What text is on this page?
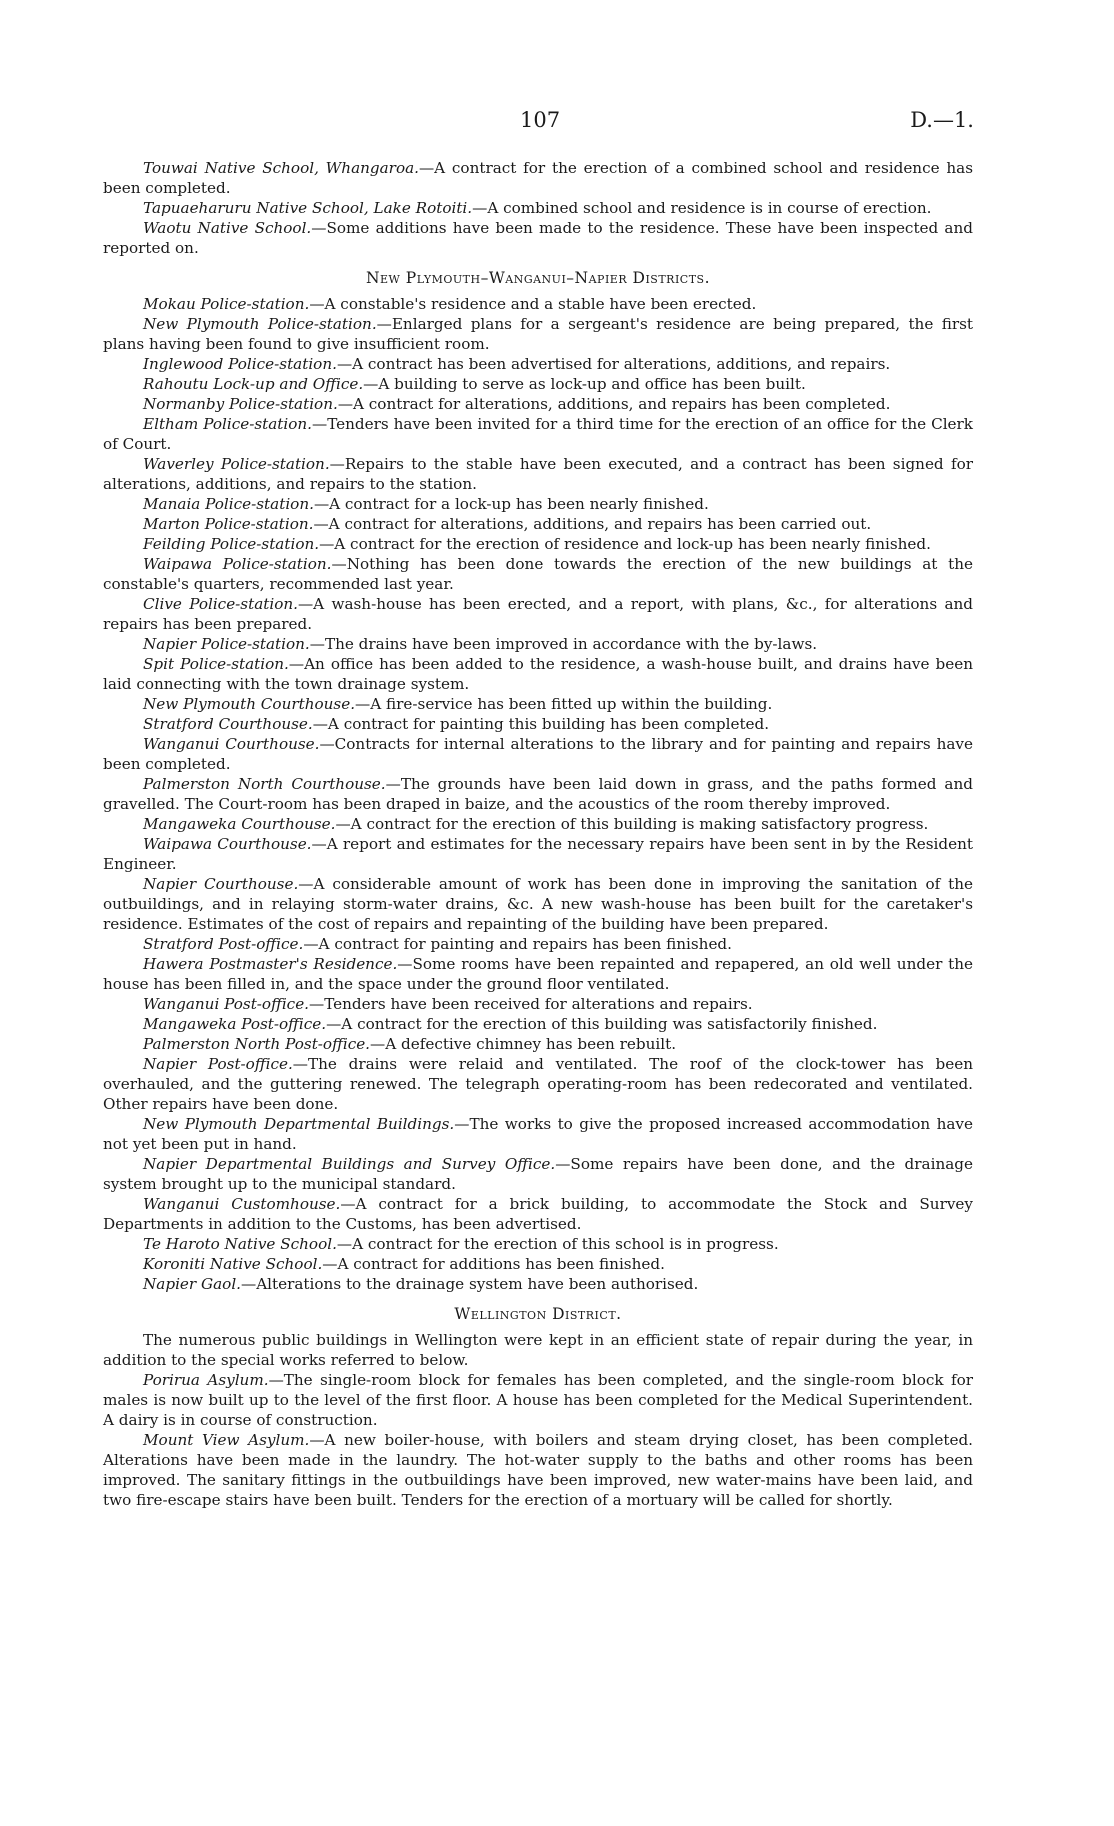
107	D.—1.

Touwai Native School, Whangaroa.—A contract for the erection of a combined school and residence has been completed.

Tapuaeharuru Native School, Lake Rotoiti.—A combined school and residence is in course of erection.

Waotu Native School.—Some additions have been made to the residence. These have been inspected and reported on.

New Plymouth–Wanganui–Napier Districts.

Mokau Police-station.—A constable's residence and a stable have been erected.

New Plymouth Police-station.—Enlarged plans for a sergeant's residence are being prepared, the first plans having been found to give insufficient room.

Inglewood Police-station.—A contract has been advertised for alterations, additions, and repairs.

Rahoutu Lock-up and Office.—A building to serve as lock-up and office has been built.

Normanby Police-station.—A contract for alterations, additions, and repairs has been completed.

Eltham Police-station.—Tenders have been invited for a third time for the erection of an office for the Clerk of Court.

Waverley Police-station.—Repairs to the stable have been executed, and a contract has been signed for alterations, additions, and repairs to the station.

Manaia Police-station.—A contract for a lock-up has been nearly finished.

Marton Police-station.—A contract for alterations, additions, and repairs has been carried out.

Feilding Police-station.—A contract for the erection of residence and lock-up has been nearly finished.

Waipawa Police-station.—Nothing has been done towards the erection of the new buildings at the constable's quarters, recommended last year.

Clive Police-station.—A wash-house has been erected, and a report, with plans, &c., for alterations and repairs has been prepared.

Napier Police-station.—The drains have been improved in accordance with the by-laws.

Spit Police-station.—An office has been added to the residence, a wash-house built, and drains have been laid connecting with the town drainage system.

New Plymouth Courthouse.—A fire-service has been fitted up within the building.

Stratford Courthouse.—A contract for painting this building has been completed.

Wanganui Courthouse.—Contracts for internal alterations to the library and for painting and repairs have been completed.

Palmerston North Courthouse.—The grounds have been laid down in grass, and the paths formed and gravelled. The Court-room has been draped in baize, and the acoustics of the room thereby improved.

Mangaweka Courthouse.—A contract for the erection of this building is making satisfactory progress.

Waipawa Courthouse.—A report and estimates for the necessary repairs have been sent in by the Resident Engineer.

Napier Courthouse.—A considerable amount of work has been done in improving the sanitation of the outbuildings, and in relaying storm-water drains, &c. A new wash-house has been built for the caretaker's residence. Estimates of the cost of repairs and repainting of the building have been prepared.

Stratford Post-office.—A contract for painting and repairs has been finished.

Hawera Postmaster's Residence.—Some rooms have been repainted and repapered, an old well under the house has been filled in, and the space under the ground floor ventilated.

Wanganui Post-office.—Tenders have been received for alterations and repairs.

Mangaweka Post-office.—A contract for the erection of this building was satisfactorily finished.

Palmerston North Post-office.—A defective chimney has been rebuilt.

Napier Post-office.—The drains were relaid and ventilated. The roof of the clock-tower has been overhauled, and the guttering renewed. The telegraph operating-room has been redecorated and ventilated. Other repairs have been done.

New Plymouth Departmental Buildings.—The works to give the proposed increased accommodation have not yet been put in hand.

Napier Departmental Buildings and Survey Office.—Some repairs have been done, and the drainage system brought up to the municipal standard.

Wanganui Customhouse.—A contract for a brick building, to accommodate the Stock and Survey Departments in addition to the Customs, has been advertised.

Te Haroto Native School.—A contract for the erection of this school is in progress.

Koroniti Native School.—A contract for additions has been finished.

Napier Gaol.—Alterations to the drainage system have been authorised.

Wellington District.

The numerous public buildings in Wellington were kept in an efficient state of repair during the year, in addition to the special works referred to below.

Porirua Asylum.—The single-room block for females has been completed, and the single-room block for males is now built up to the level of the first floor. A house has been completed for the Medical Superintendent. A dairy is in course of construction.

Mount View Asylum.—A new boiler-house, with boilers and steam drying closet, has been completed. Alterations have been made in the laundry. The hot-water supply to the baths and other rooms has been improved. The sanitary fittings in the outbuildings have been improved, new water-mains have been laid, and two fire-escape stairs have been built. Tenders for the erection of a mortuary will be called for shortly.
